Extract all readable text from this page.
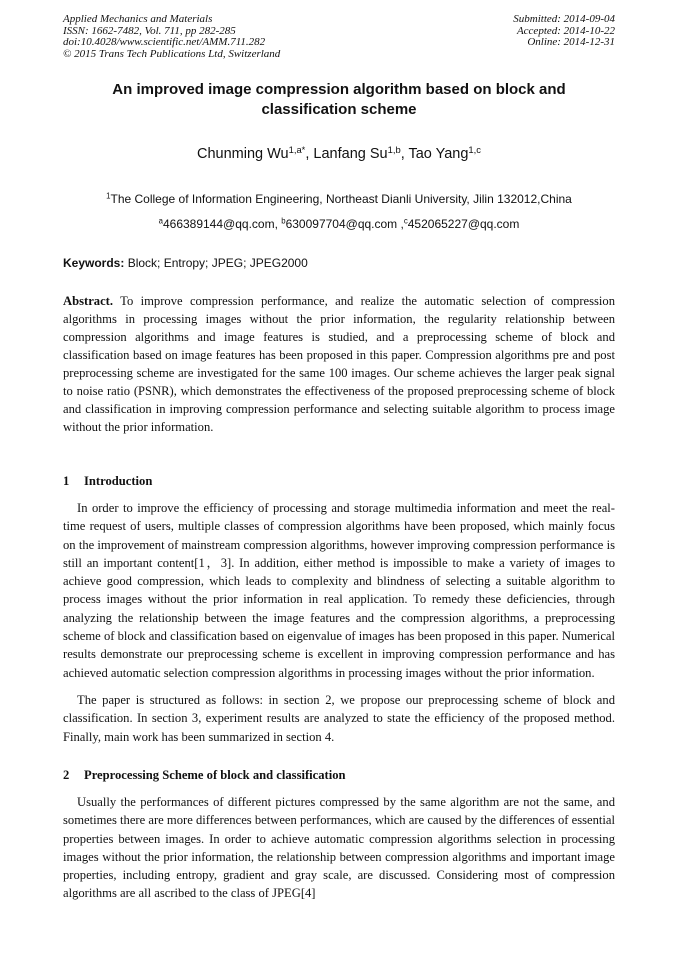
Applied Mechanics and Materials
ISSN: 1662-7482, Vol. 711, pp 282-285
doi:10.4028/www.scientific.net/AMM.711.282
© 2015 Trans Tech Publications Ltd, Switzerland
Submitted: 2014-09-04
Accepted: 2014-10-22
Online: 2014-12-31
An improved image compression algorithm based on block and
classification scheme
Chunming $Wu^{1,a*}$, Lanfang Su$^{1,b}$, Tao Yang$^{1,c}$
$^1$The College of Information Engineering, Northeast Dianli University, Jilin 132012,China
$^a$466389144@qq.com, $^b$630097704@qq.com ,$^c$452065227@qq.com
Keywords: Block; Entropy; JPEG; JPEG2000
Abstract. To improve compression performance, and realize the automatic selection of compression algorithms in processing images without the prior information, the regularity relationship between compression algorithms and image features is studied, and a preprocessing scheme of block and classification based on image features has been proposed in this paper. Compression algorithms pre and post preprocessing scheme are investigated for the same 100 images. Our scheme achieves the larger peak signal to noise ratio (PSNR), which demonstrates the effectiveness of the proposed preprocessing scheme of block and classification in improving compression performance and selecting suitable algorithm to process image without the prior information.
1 Introduction
In order to improve the efficiency of processing and storage multimedia information and meet the real-time request of users, multiple classes of compression algorithms have been proposed, which mainly focus on the improvement of mainstream compression algorithms, however improving compression performance is still an important content[1，3]. In addition, either method is impossible to make a variety of images to achieve good compression, which leads to complexity and blindness of selecting a suitable algorithm to process images without the prior information in real application. To remedy these deficiencies, through analyzing the relationship between the image features and the compression algorithms, a preprocessing scheme of block and classification based on eigenvalue of images has been proposed in this paper. Numerical results demonstrate our preprocessing scheme is excellent in improving compression performance and has achieved automatic selection compression algorithms in processing images without the prior information.
The paper is structured as follows: in section 2, we propose our preprocessing scheme of block and classification. In section 3, experiment results are analyzed to state the efficiency of the proposed method. Finally, main work has been summarized in section 4.
2 Preprocessing Scheme of block and classification
Usually the performances of different pictures compressed by the same algorithm are not the same, and sometimes there are more differences between performances, which are caused by the differences of essential properties between images. In order to achieve automatic compression algorithms selection in processing images without the prior information, the relationship between compression algorithms and important image properties, including entropy, gradient and gray scale, are discussed. Considering most of compression algorithms are all ascribed to the class of JPEG[4]
